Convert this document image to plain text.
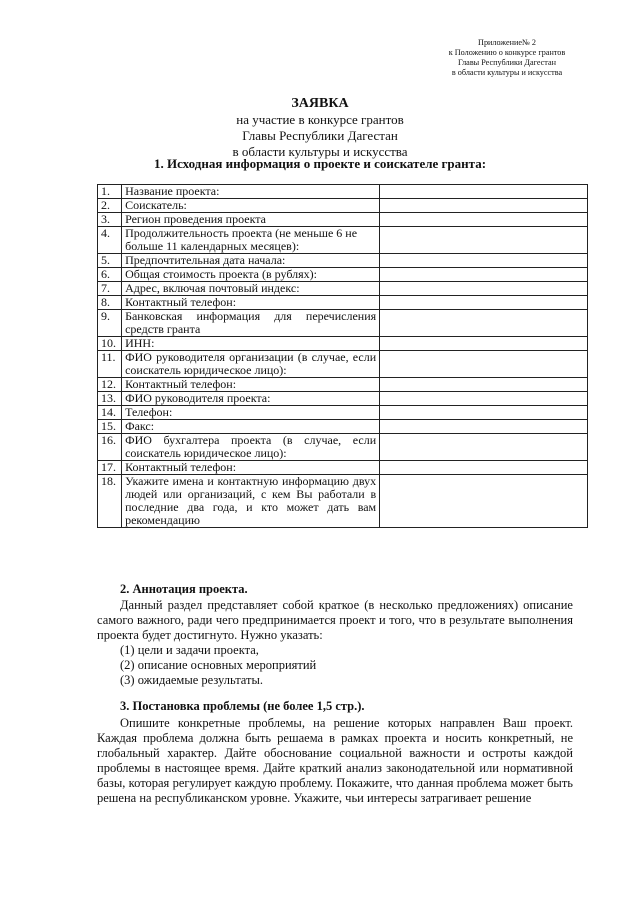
Приложение№ 2
к Положению о конкурсе грантов
Главы Республики Дагестан
в области культуры и искусства
ЗАЯВКА
на участие в конкурсе грантов
Главы Республики Дагестан
в области культуры и искусства
1. Исходная информация о проекте и соискателе гранта:
1.	Название проекта:	
2.	Соискатель:	
3.	Регион проведения проекта	
4.	Продолжительность проекта (не меньше 6 не больше 11 календарных месяцев):	
5.	Предпочтительная дата начала:	
6.	Общая стоимость проекта (в рублях):	
7.	Адрес, включая почтовый индекс:	
8.	Контактный телефон:	
9.	Банковская информация для перечисления средств гранта	
10.	ИНН:	
11.	ФИО руководителя организации (в случае, если соискатель юридическое лицо):	
12.	Контактный телефон:	
13.	ФИО руководителя проекта:	
14.	Телефон:	
15.	Факс:	
16.	ФИО бухгалтера проекта (в случае, если соискатель юридическое лицо):	
17.	Контактный телефон:	
18.	Укажите имена и контактную информацию двух людей или организаций, с кем Вы работали в последние два года, и кто может дать вам рекомендацию	
2. Аннотация проекта.
Данный раздел представляет собой краткое (в несколько предложениях) описание самого важного, ради чего предпринимается проект и того, что в результате выполнения проекта будет достигнуто. Нужно указать:
(1) цели и задачи проекта,
(2) описание основных мероприятий
(3) ожидаемые результаты.
3. Постановка проблемы (не более 1,5 стр.).
Опишите конкретные проблемы, на решение которых направлен Ваш проект. Каждая проблема должна быть решаема в рамках проекта и носить конкретный, не глобальный характер. Дайте обоснование социальной важности и остроты каждой проблемы в настоящее время. Дайте краткий анализ законодательной или нормативной базы, которая регулирует каждую проблему. Покажите, что данная проблема может быть решена на республиканском уровне. Укажите, чьи интересы затрагивает решение
